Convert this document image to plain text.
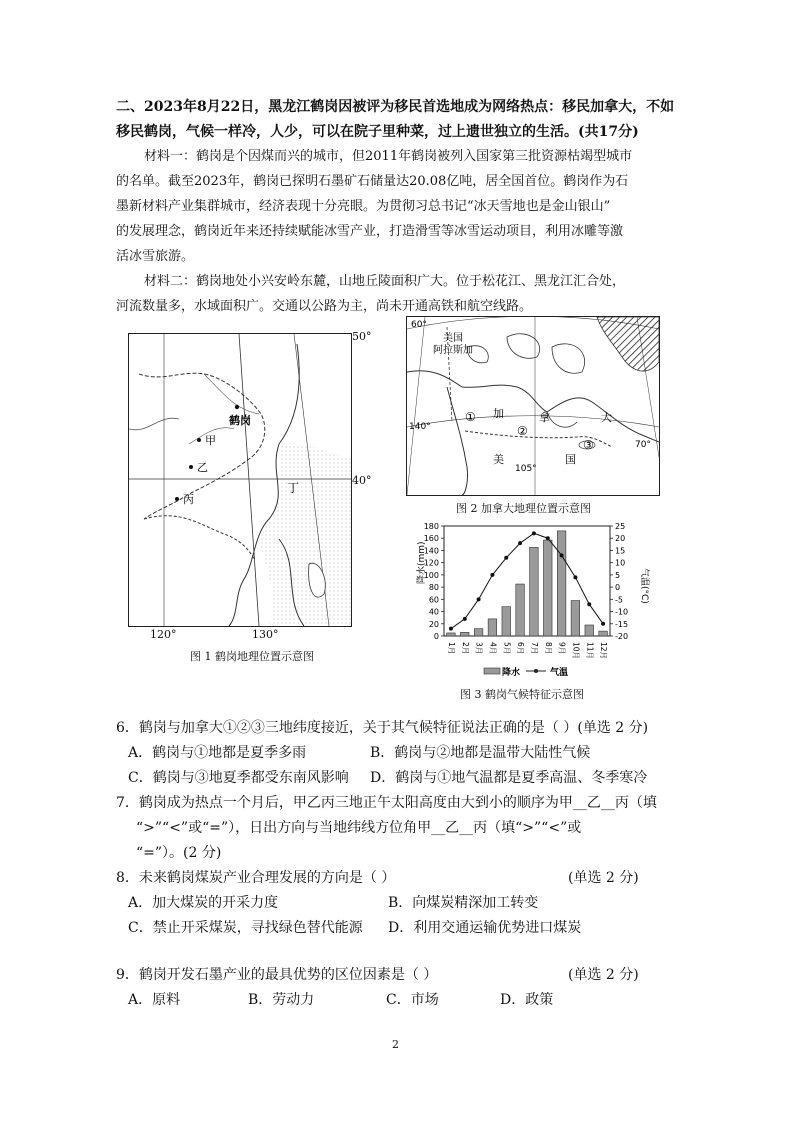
二、2023年8月22日，黑龙江鹤岗因被评为移民首选地成为网络热点：移民加拿大，不如
移民鹤岗，气候一样冷，人少，可以在院子里种菜，过上遗世独立的生活。(共17分)
材料一：鹤岗是个因煤而兴的城市，但2011年鹤岗被列入国家第三批资源枯竭型城市
的名单。截至2023年，鹤岗已探明石墨矿石储量达20.08亿吨，居全国首位。鹤岗作为石
墨新材料产业集群城市，经济表现十分亮眼。为贯彻习总书记“冰天雪地也是金山银山”
的发展理念，鹤岗近年来还持续赋能冰雪产业，打造滑雪等冰雪运动项目，利用冰雕等激
活冰雪旅游。
材料二：鹤岗地处小兴安岭东麓，山地丘陵面积广大。位于松花江、黑龙江汇合处，
河流数量多，水域面积广。交通以公路为主，尚未开通高铁和航空线路。
鹤岗
甲
乙
丙
丁
50°
40°
120°	130°
图 1 鹤岗地理位置示意图
①
②
③
加	拿	大
美	国
美国
阿拉斯加
60°
140°
105°
70°
图 2 加拿大地理位置示意图
0
20
40
60
80
100
120
140
160
180
-20
-15
-10
-5
0
5
10
15
20
25
1月 2月 3月 4月 5月 6月 7月 8月 9月 10月 11月 12月
降水(mm)
气温(°C)
降水	气温
图 3 鹤岗气候特征示意图
6．鹤岗与加拿大①②③三地纬度接近，关于其气候特征说法正确的是（ ）(单选 2 分)
A．鹤岗与①地都是夏季多雨	B．鹤岗与②地都是温带大陆性气候
C．鹤岗与③地夏季都受东南风影响 D．鹤岗与①地气温都是夏季高温、冬季寒冷
7．鹤岗成为热点一个月后，甲乙丙三地正午太阳高度由大到小的顺序为甲__乙__丙（填
“>”“<”或“=”），日出方向与当地纬线方位角甲__乙__丙（填“>”“<”或
“=”）。(2 分)
8．未来鹤岗煤炭产业合理发展的方向是（ ）	(单选 2 分)
A．加大煤炭的开采力度	B．向煤炭精深加工转变
C．禁止开采煤炭，寻找绿色替代能源 D．利用交通运输优势进口煤炭
9．鹤岗开发石墨产业的最具优势的区位因素是（ ）	(单选 2 分)
A．原料	B．劳动力	C．市场	D．政策
2
